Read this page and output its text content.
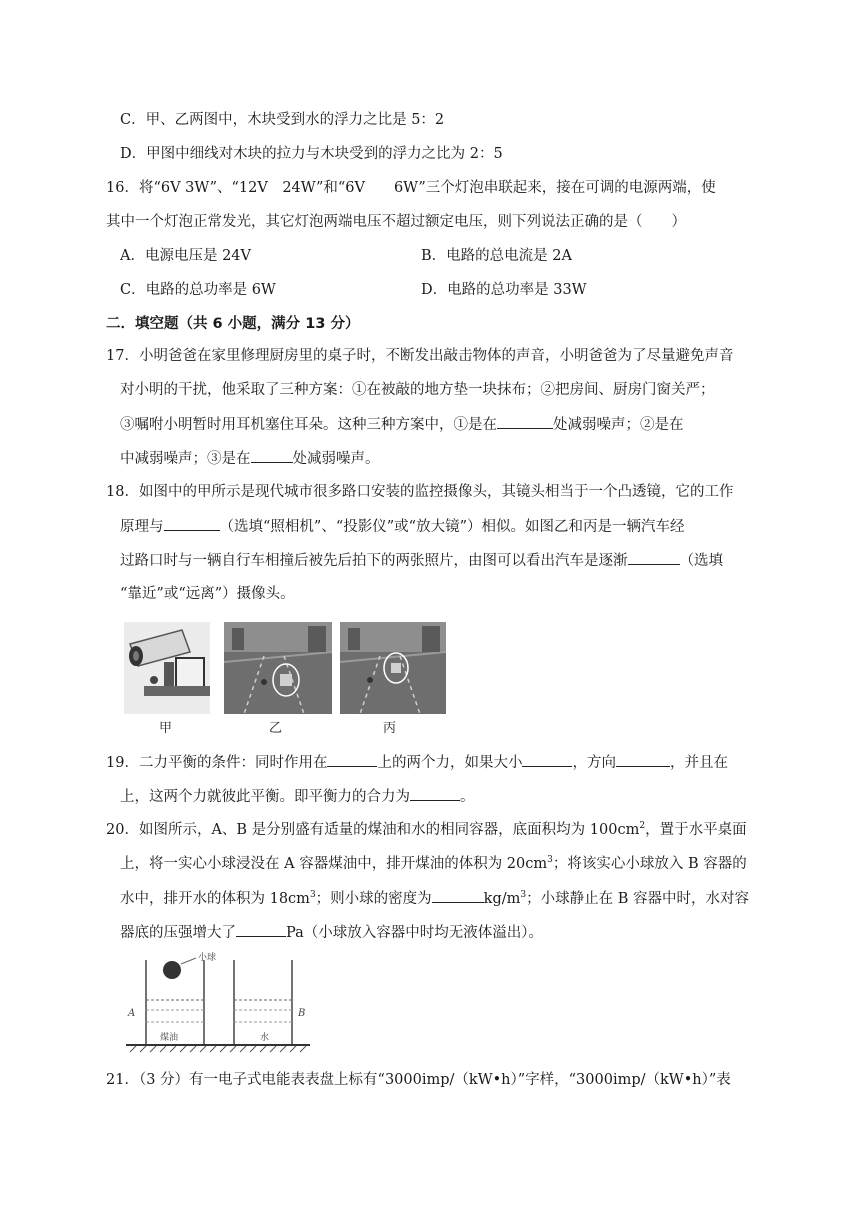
C．甲、乙两图中，木块受到水的浮力之比是 5：2
D．甲图中细线对木块的拉力与木块受到的浮力之比为 2：5
16．将“6V 3W”、“12V　24W”和“6V　　6W”三个灯泡串联起来，接在可调的电源两端，使
其中一个灯泡正常发光，其它灯泡两端电压不超过额定电压，则下列说法正确的是（　　）
A．电源电压是 24V	B．电路的总电流是 2A
C．电路的总功率是 6W	D．电路的总功率是 33W
二．填空题（共 6 小题，满分 13 分）
17．小明爸爸在家里修理厨房里的桌子时，不断发出敲击物体的声音，小明爸爸为了尽量避免声音
对小明的干扰，他采取了三种方案：①在被敲的地方垫一块抹布；②把房间、厨房门窗关严；
③嘱咐小明暂时用耳机塞住耳朵。这种三种方案中，①是在	处减弱噪声；②是在
中减弱噪声；③是在	处减弱噪声。
18．如图中的甲所示是现代城市很多路口安装的监控摄像头，其镜头相当于一个凸透镜，它的工作
原理与	（选填“照相机”、“投影仪”或“放大镜”）相似。如图乙和丙是一辆汽车经
过路口时与一辆自行车相撞后被先后拍下的两张照片，由图可以看出汽车是逐渐	（选填
“靠近”或“远离”）摄像头。
甲	乙	丙
19．二力平衡的条件：同时作用在	上的两个力，如果大小	，方向	，并且在
上，这两个力就彼此平衡。即平衡力的合力为	。
20．如图所示，A、B 是分别盛有适量的煤油和水的相同容器，底面积均为 $100cm^2$，置于水平桌面
上，将一实心小球浸没在 A 容器煤油中，排开煤油的体积为 $20cm^3$；将该实心小球放入 B 容器的
水中，排开水的体积为 $18cm^3$；则小球的密度为	$kg/m^3$；小球静止在 B 容器中时，水对容
器底的压强增大了	Pa（小球放入容器中时均无液体溢出）。
小球
A	B
煤油	水
21．（3 分）有一电子式电能表表盘上标有“3000imp/（kW•h）”字样，“3000imp/（kW•h）”表
